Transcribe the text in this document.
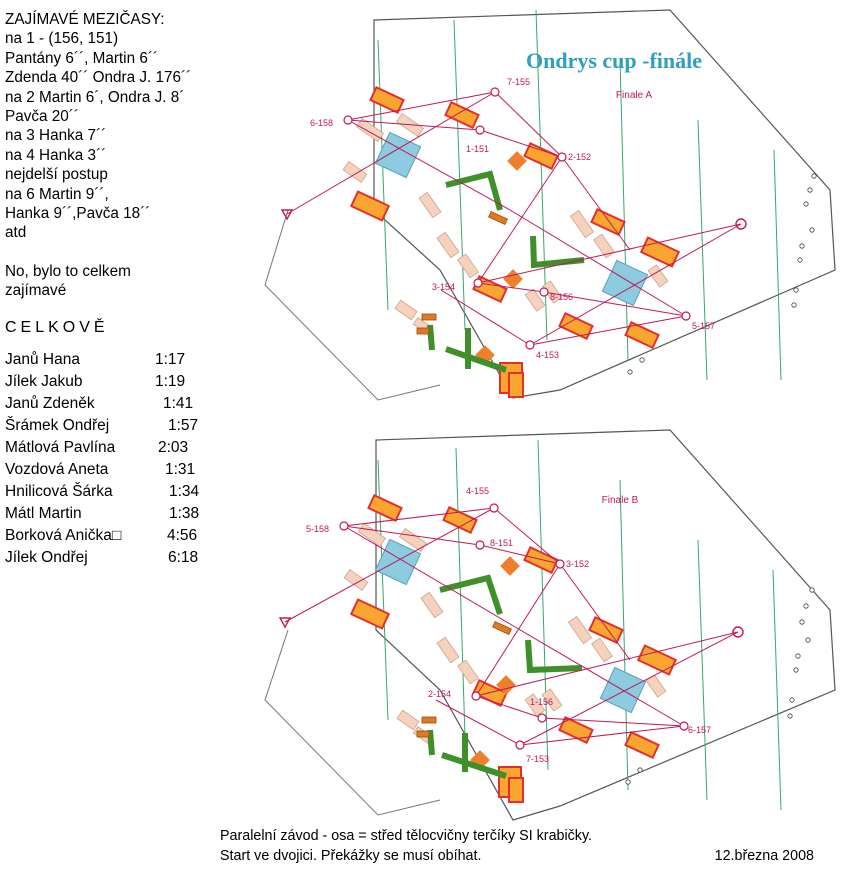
ZAJÍMAVÉ MEZIČASY:
na 1 - (156, 151)
Pantány 6´´, Martin 6´´
Zdenda 40´´ Ondra J. 176´´
na 2 Martin 6´, Ondra J. 8´
Pavča 20´´
na 3 Hanka 7´´
na 4 Hanka 3´´
nejdelší postup
na 6 Martin 9´´,
Hanka 9´´,Pavča 18´´
atd
No, bylo to celkem
zajímavé
CELKOVĚ
Janů Hana	1:17
Jílek Jakub	1:19
Janů Zdeněk	1:41
Šrámek Ondřej	1:57
Mátlová Pavlína	2:03
Vozdová Aneta	1:31
Hnilicová Šárka	1:34
Mátl Martin	1:38
Borková Anička□	4:56
Jílek Ondřej	6:18
Ondrys cup -finále
7-155
6-158
1-151
2-152
3-154
8-156
5-157
4-153
Finale A
4-155
5-158
8-151
3-152
2-154
1-156
6-157
7-153
Finale B
Paralelní závod - osa = střed tělocvičny terčíky SI krabičky.
Start ve dvojici. Překážky se musí obíhat.	12.března 2008
